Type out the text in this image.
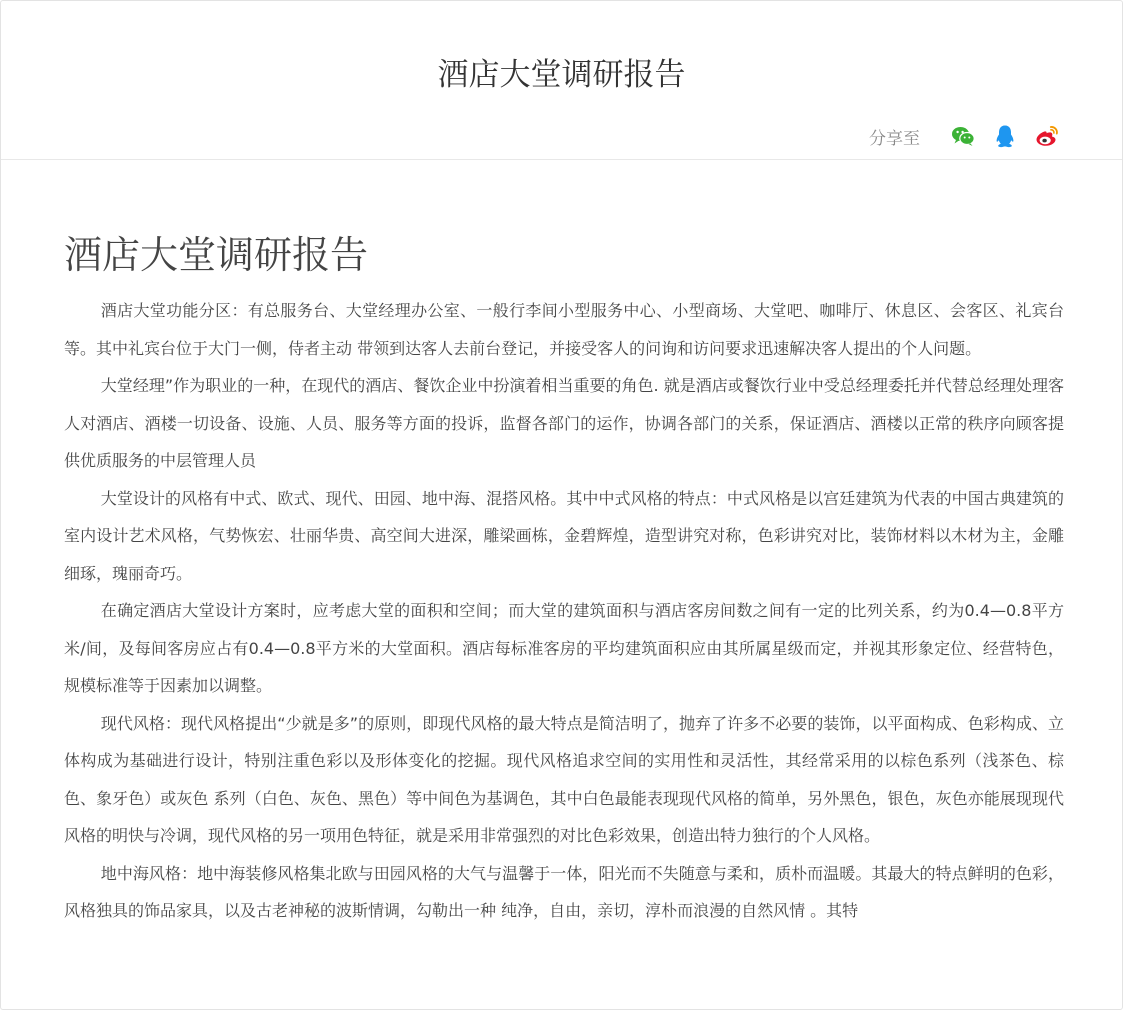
酒店大堂调研报告
分享至
酒店大堂调研报告

酒店大堂功能分区：有总服务台、大堂经理办公室、一般行李间小型服务中心、小型商场、大堂吧、咖啡厅、休息区、会客区、礼宾台等。其中礼宾台位于大门一侧，侍者主动 带领到达客人去前台登记，并接受客人的问询和访问要求迅速解决客人提出的个人问题。

大堂经理”作为职业的一种，在现代的酒店、餐饮企业中扮演着相当重要的角色. 就是酒店或餐饮行业中受总经理委托并代替总经理处理客人对酒店、酒楼一切设备、设施、人员、服务等方面的投诉，监督各部门的运作，协调各部门的关系，保证酒店、酒楼以正常的秩序向顾客提供优质服务的中层管理人员

大堂设计的风格有中式、欧式、现代、田园、地中海、混搭风格。其中中式风格的特点：中式风格是以宫廷建筑为代表的中国古典建筑的室内设计艺术风格，气势恢宏、壮丽华贵、高空间大进深，雕梁画栋，金碧辉煌，造型讲究对称，色彩讲究对比，装饰材料以木材为主，金雕细琢，瑰丽奇巧。

在确定酒店大堂设计方案时，应考虑大堂的面积和空间；而大堂的建筑面积与酒店客房间数之间有一定的比列关系，约为0.4—0.8平方米/间，及每间客房应占有0.4—0.8平方米的大堂面积。酒店每标准客房的平均建筑面积应由其所属星级而定，并视其形象定位、经营特色，规模标准等于因素加以调整。

现代风格：现代风格提出“少就是多”的原则，即现代风格的最大特点是简洁明了，抛弃了许多不必要的装饰，以平面构成、色彩构成、立体构成为基础进行设计，特别注重色彩以及形体变化的挖掘。现代风格追求空间的实用性和灵活性，其经常采用的以棕色系列（浅茶色、棕色、象牙色）或灰色 系列（白色、灰色、黑色）等中间色为基调色，其中白色最能表现现代风格的简单，另外黑色，银色，灰色亦能展现现代风格的明快与冷调，现代风格的另一项用色特征，就是采用非常强烈的对比色彩效果，创造出特力独行的个人风格。

地中海风格：地中海装修风格集北欧与田园风格的大气与温馨于一体，阳光而不失随意与柔和，质朴而温暖。其最大的特点鲜明的色彩，风格独具的饰品家具，以及古老神秘的波斯情调，勾勒出一种 纯净，自由，亲切，淳朴而浪漫的自然风情 。其特
